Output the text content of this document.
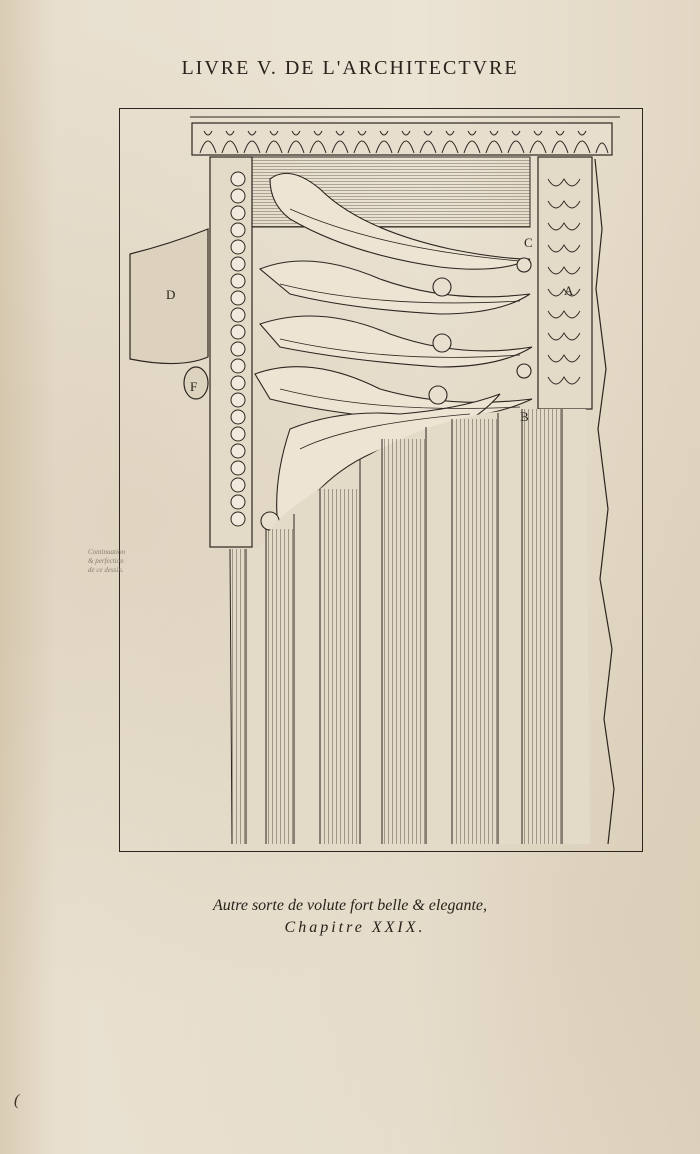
LIVRE V. DE L'ARCHITECTVRE
D
F
A
B
C
Continuation & perfection de ce dessin.
Autre sorte de volute fort belle & elegante,
Chapitre XXIX.
(
